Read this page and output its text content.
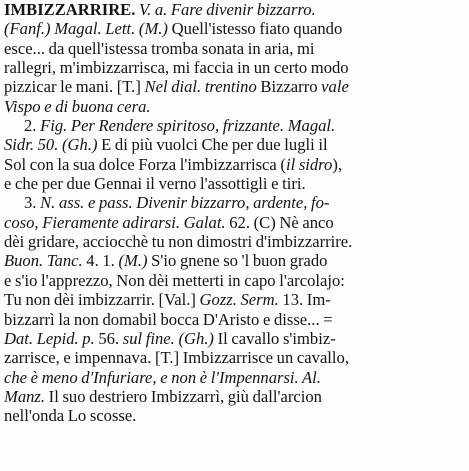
IMBIZZARRIRE. V. a. Fare divenir bizzarro.
(Fanf.) Magal. Lett. (M.) Quell'istesso fiato quando
esce... da quell'istessa tromba sonata in aria, mi
rallegri, m'imbizzarrisca, mi faccia in un certo modo
pizzicar le mani. [T.] Nel dial. trentino Bizzarro vale
Vispo e di buona cera.
2. Fig. Per Rendere spiritoso, frizzante. Magal.
Sidr. 50. (Gh.) E di più vuolci Che per due lugli il
Sol con la sua dolce Forza l'imbizzarrisca (il sidro),
e che per due Gennai il verno l'assottigli e tiri.
3. N. ass. e pass. Divenir bizzarro, ardente, fo-
coso, Fieramente adirarsi. Galat. 62. (C) Nè anco
dèi gridare, acciocchè tu non dimostri d'imbizzarrire.
Buon. Tanc. 4. 1. (M.) S'io gnene so 'l buon grado
e s'io l'apprezzo, Non dèi metterti in capo l'arcolajo:
Tu non dèi imbizzarrir. [Val.] Gozz. Serm. 13. Im-
bizzarrì la non domabil bocca D'Aristo e disse... =
Dat. Lepid. p. 56. sul fine. (Gh.) Il cavallo s'imbiz-
zarrisce, e impennava. [T.] Imbizzarrisce un cavallo,
che è meno d'Infuriare, e non è l'Impennarsi. Al.
Manz. Il suo destriero Imbizzarrì, giù dall'arcion
nell'onda Lo scosse.
